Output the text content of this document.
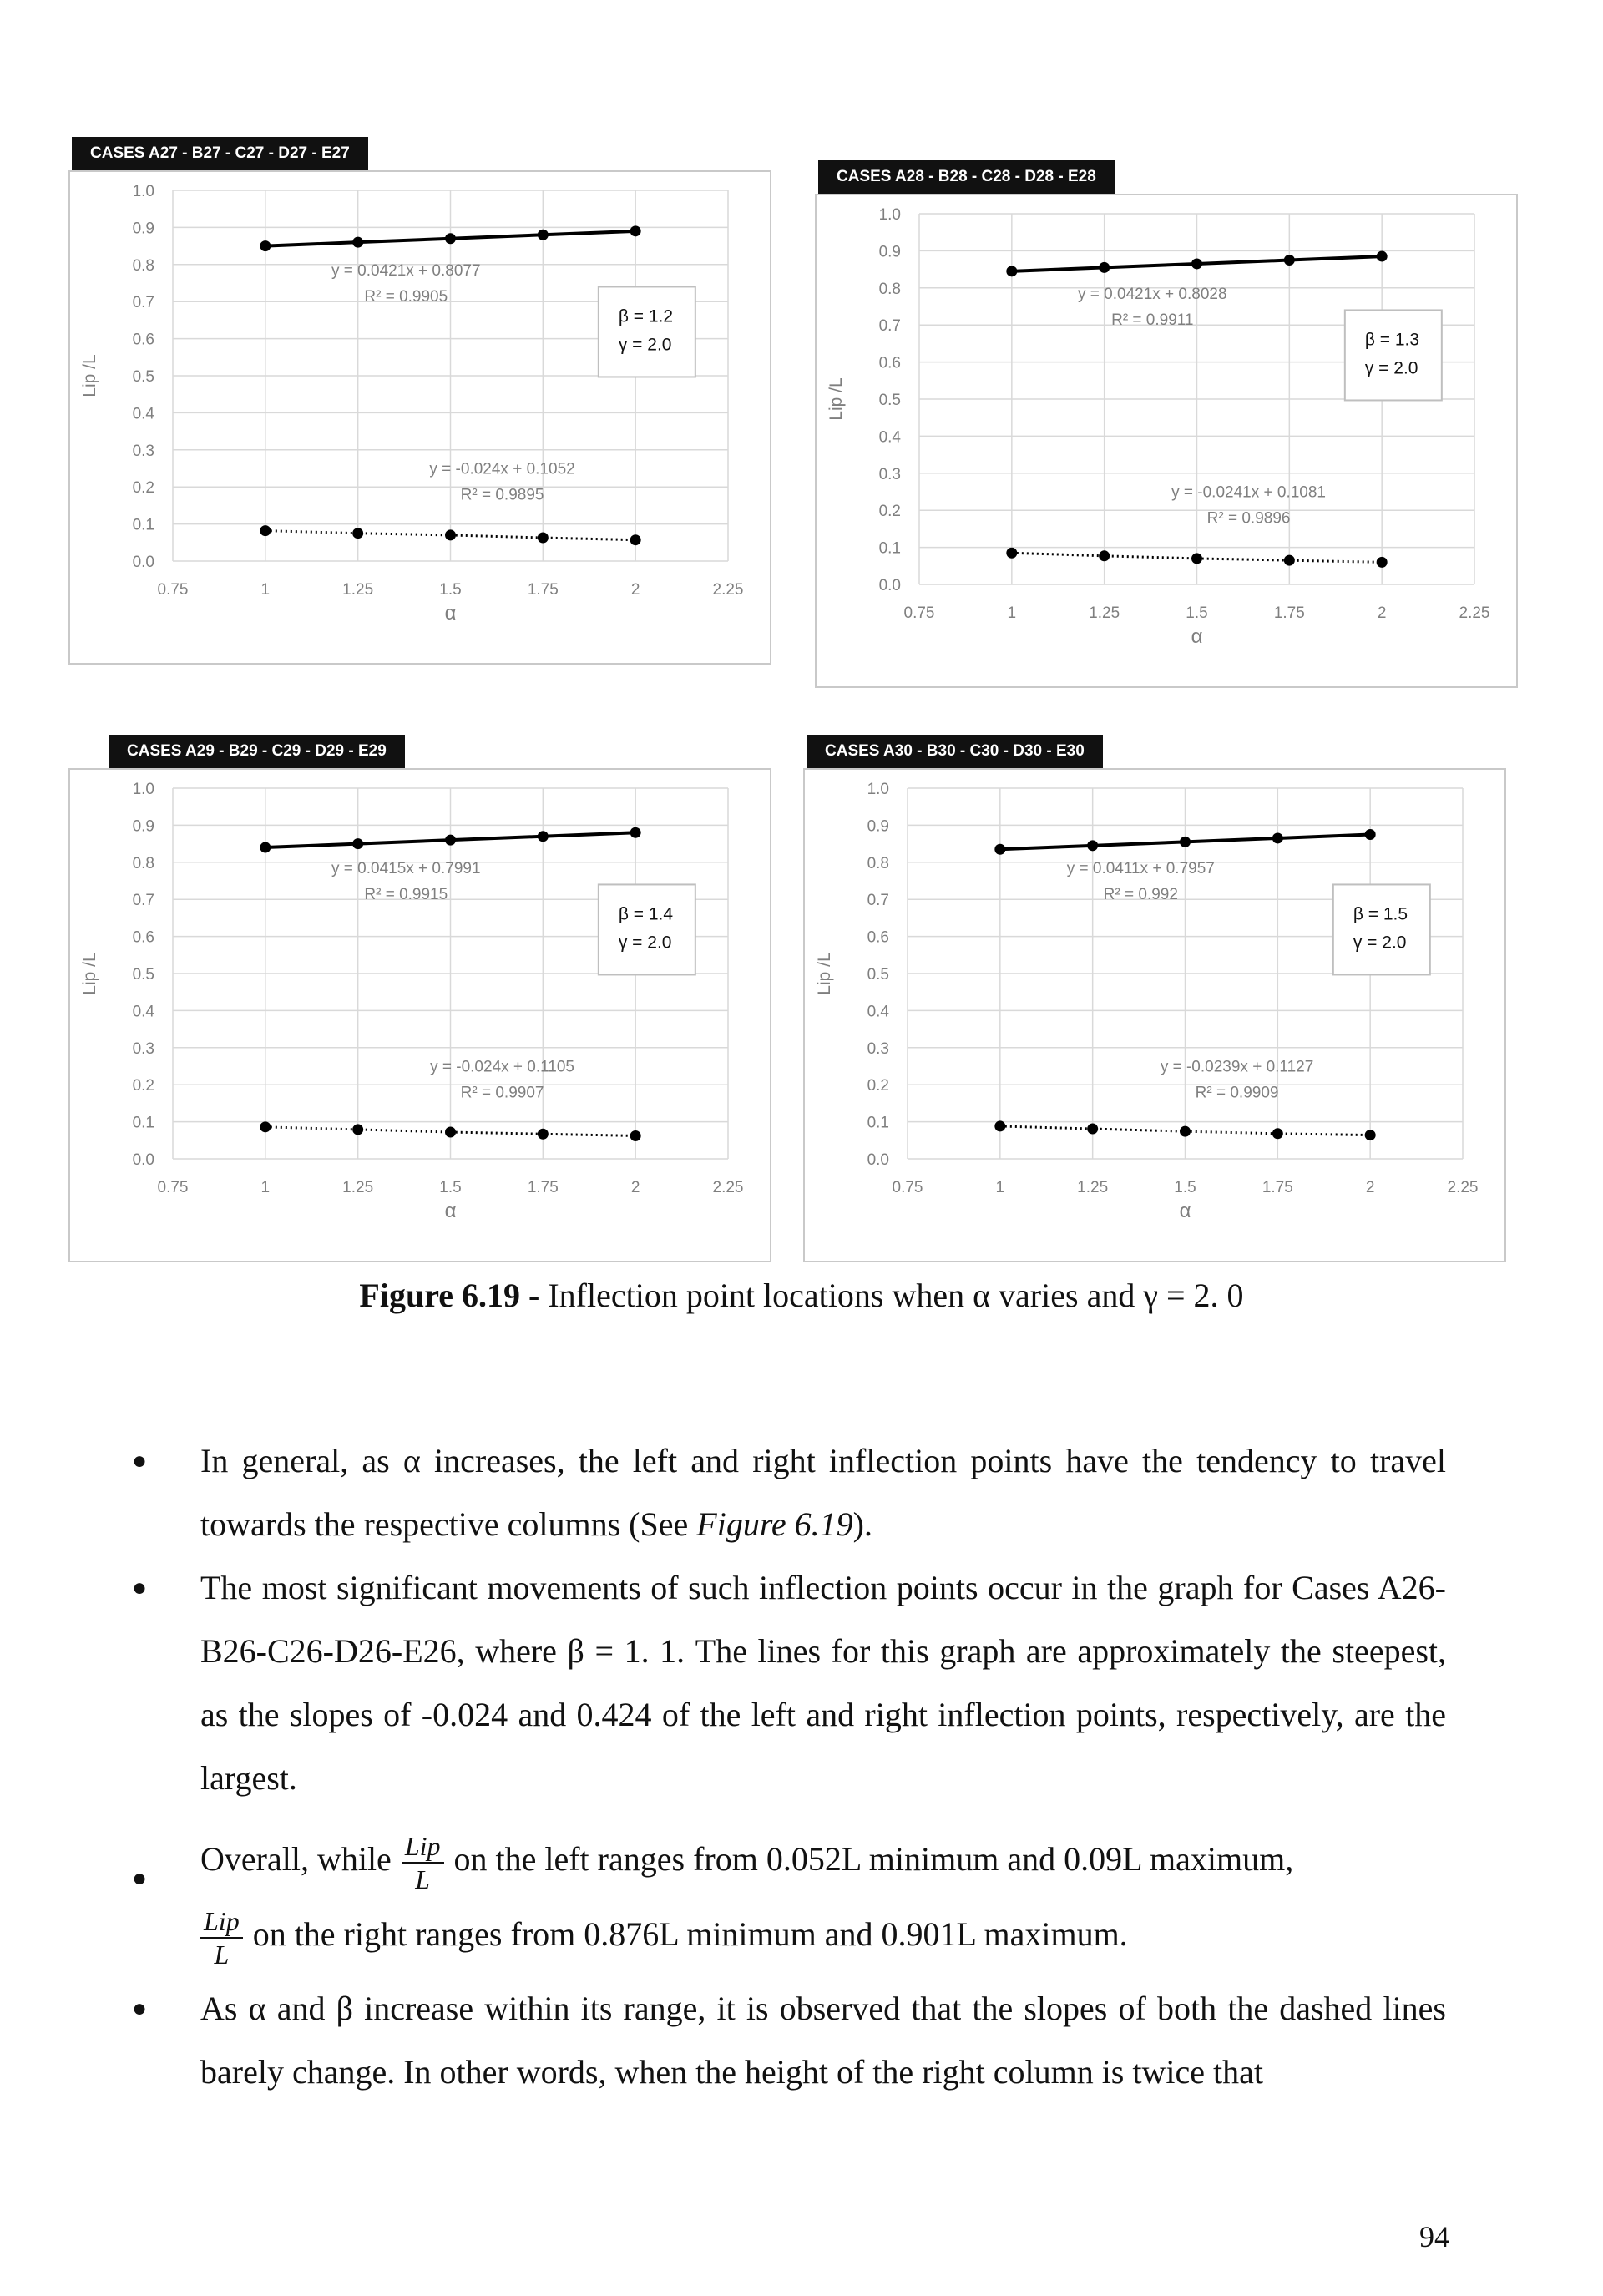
CASES A27 - B27 - C27 - D27 - E27
0.0
0.1
0.2
0.3
0.4
0.5
0.6
0.7
0.8
0.9
1.0
0.75	1	1.25	1.5	1.75	2	2.25
α
Lip /L
y = 0.0421x + 0.8077
R² = 0.9905
y = -0.024x + 0.1052
R² = 0.9895
β = 1.2
γ = 2.0
CASES A28 - B28 - C28 - D28 - E28
0.0
0.1
0.2
0.3
0.4
0.5
0.6
0.7
0.8
0.9
1.0
0.75	1	1.25	1.5	1.75	2	2.25
α
Lip /L
y = 0.0421x + 0.8028
R² = 0.9911
y = -0.0241x + 0.1081
R² = 0.9896
β = 1.3
γ = 2.0
CASES A29 - B29 - C29 - D29 - E29
0.0
0.1
0.2
0.3
0.4
0.5
0.6
0.7
0.8
0.9
1.0
0.75	1	1.25	1.5	1.75	2	2.25
α
Lip /L
y = 0.0415x + 0.7991
R² = 0.9915
y = -0.024x + 0.1105
R² = 0.9907
β = 1.4
γ = 2.0
CASES A30 - B30 - C30 - D30 - E30
0.0
0.1
0.2
0.3
0.4
0.5
0.6
0.7
0.8
0.9
1.0
0.75	1	1.25	1.5	1.75	2	2.25
α
Lip /L
y = 0.0411x + 0.7957
R² = 0.992
y = -0.0239x + 0.1127
R² = 0.9909
β = 1.5
γ = 2.0
Figure 6.19 - Inflection point locations when α varies and γ = 2. 0
● In general, as α increases, the left and right inflection points have the tendency to travel towards the respective columns (See Figure 6.19).
● The most significant movements of such inflection points occur in the graph for Cases A26-B26-C26-D26-E26, where β = 1. 1. The lines for this graph are approximately the steepest, as the slopes of -0.024 and 0.424 of the left and right inflection points, respectively, are the largest.
●
Overall, while $\frac{\text{Lip}}{L}$ on the left ranges from 0.052L minimum and 0.09L maximum,
$\frac{\text{Lip}}{L}$ on the right ranges from 0.876L minimum and 0.901L maximum.
● As α and β increase within its range, it is observed that the slopes of both the dashed lines barely change. In other words, when the height of the right column is twice that
94
